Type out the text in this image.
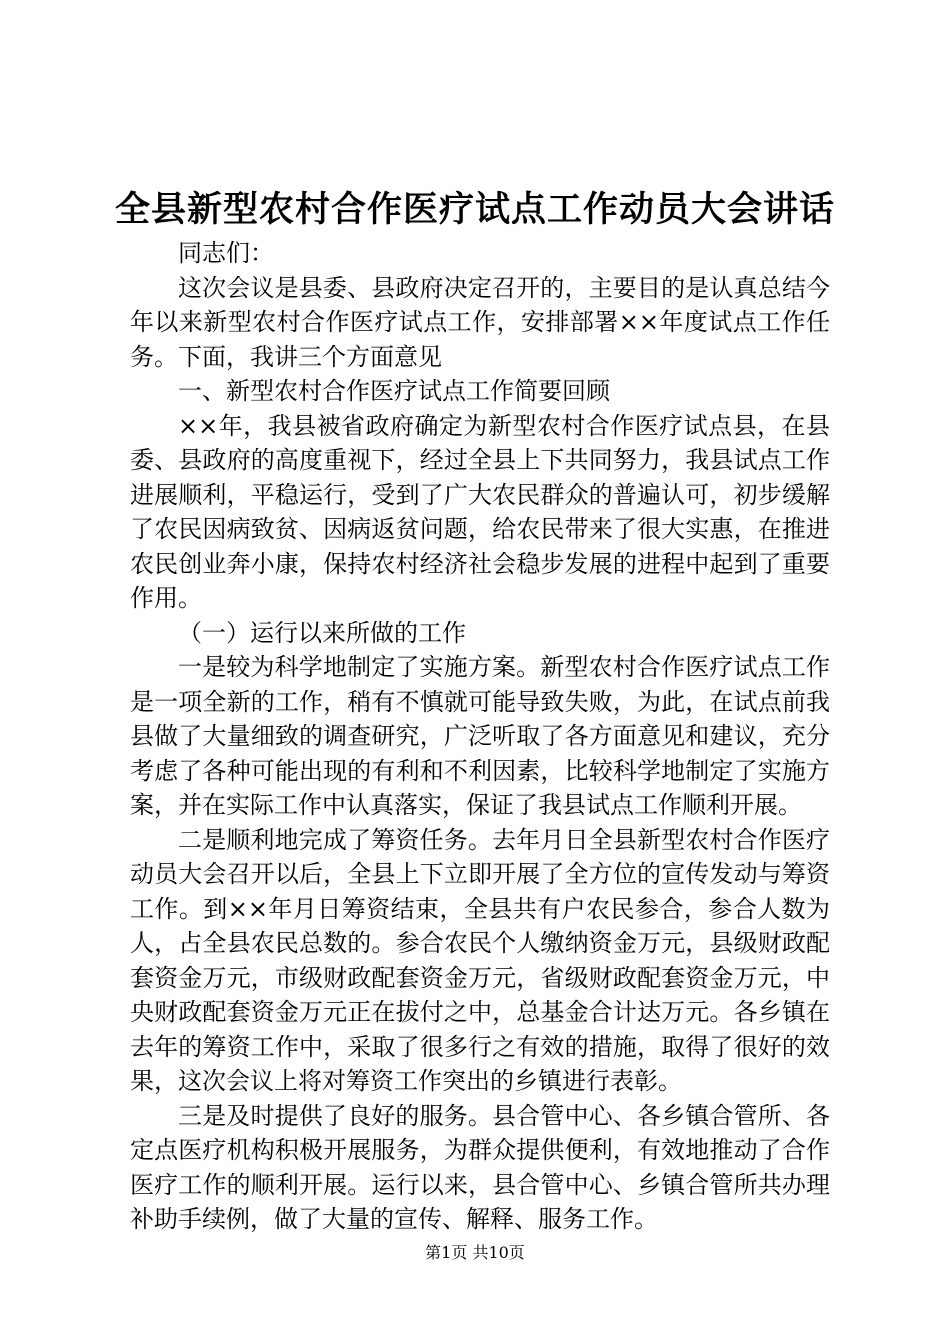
全县新型农村合作医疗试点工作动员大会讲话

同志们：

这次会议是县委、县政府决定召开的，主要目的是认真总结今年以来新型农村合作医疗试点工作，安排部署××年度试点工作任务。下面，我讲三个方面意见

一、新型农村合作医疗试点工作简要回顾

××年，我县被省政府确定为新型农村合作医疗试点县，在县委、县政府的高度重视下，经过全县上下共同努力，我县试点工作进展顺利，平稳运行，受到了广大农民群众的普遍认可，初步缓解了农民因病致贫、因病返贫问题，给农民带来了很大实惠，在推进农民创业奔小康，保持农村经济社会稳步发展的进程中起到了重要作用。

（一）运行以来所做的工作

一是较为科学地制定了实施方案。新型农村合作医疗试点工作是一项全新的工作，稍有不慎就可能导致失败，为此，在试点前我县做了大量细致的调查研究，广泛听取了各方面意见和建议，充分考虑了各种可能出现的有利和不利因素，比较科学地制定了实施方案，并在实际工作中认真落实，保证了我县试点工作顺利开展。

二是顺利地完成了筹资任务。去年月日全县新型农村合作医疗动员大会召开以后，全县上下立即开展了全方位的宣传发动与筹资工作。到××年月日筹资结束，全县共有户农民参合，参合人数为人，占全县农民总数的。参合农民个人缴纳资金万元，县级财政配套资金万元，市级财政配套资金万元，省级财政配套资金万元，中央财政配套资金万元正在拔付之中，总基金合计达万元。各乡镇在去年的筹资工作中，采取了很多行之有效的措施，取得了很好的效果，这次会议上将对筹资工作突出的乡镇进行表彰。

三是及时提供了良好的服务。县合管中心、各乡镇合管所、各定点医疗机构积极开展服务，为群众提供便利，有效地推动了合作医疗工作的顺利开展。运行以来，县合管中心、乡镇合管所共办理补助手续例，做了大量的宣传、解释、服务工作。

第1页 共10页
